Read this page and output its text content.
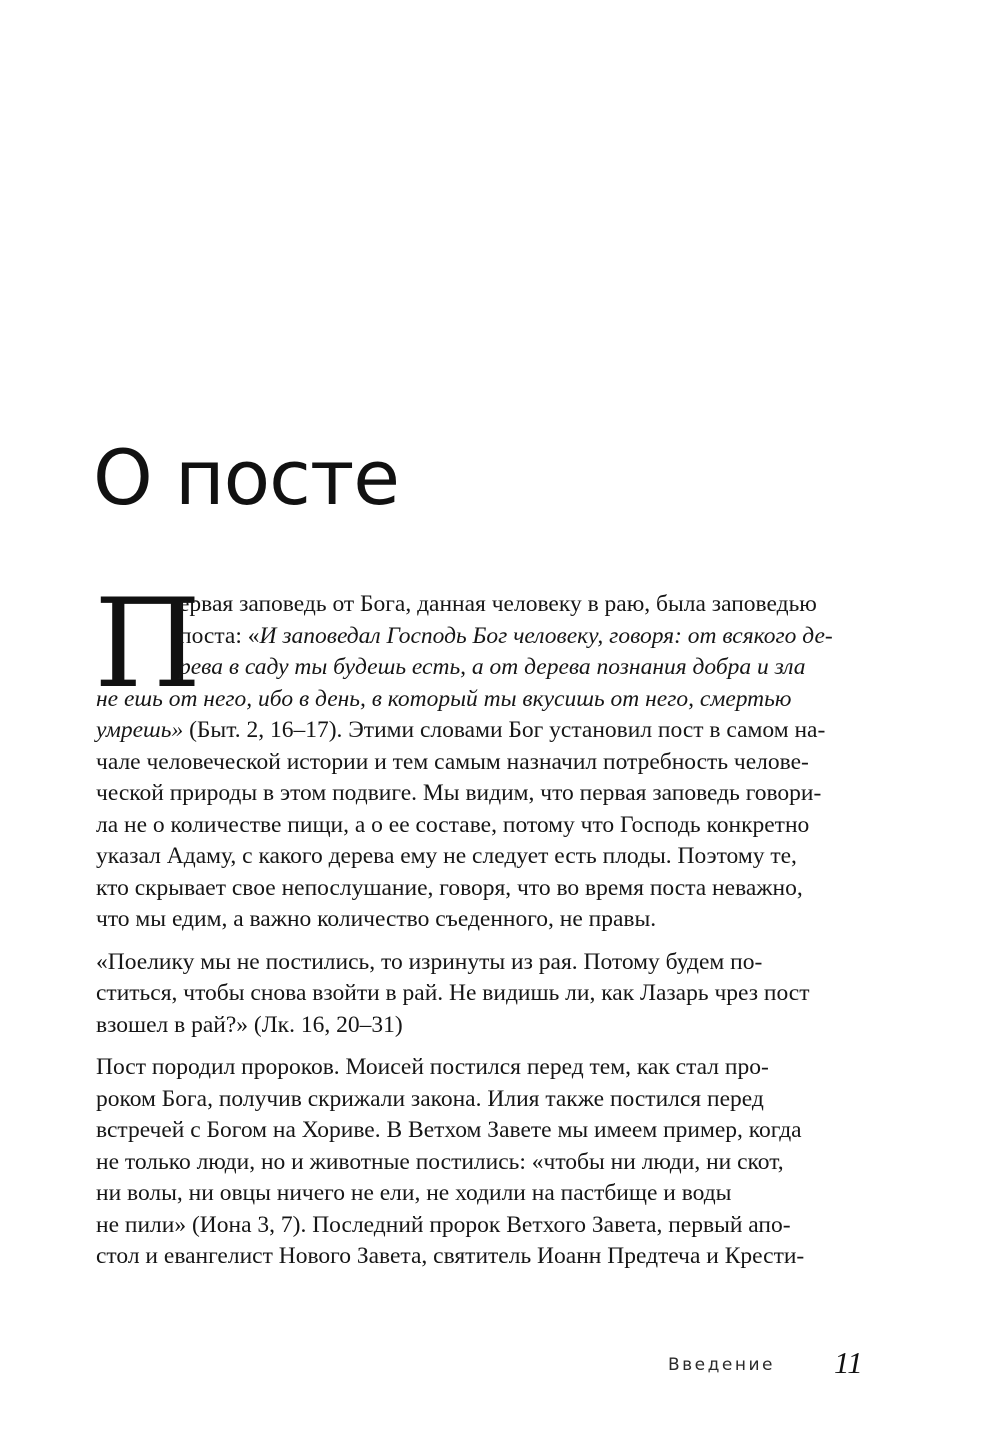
О посте
П
ервая заповедь от Бога, данная человеку в раю, была заповедью
поста: «И заповедал Господь Бог человеку, говоря: от всякого де-
рева в саду ты будешь есть, а от дерева познания добра и зла
не ешь от него, ибо в день, в который ты вкусишь от него, смертью
умрешь» (Быт. 2, 16–17). Этими словами Бог установил пост в самом на-
чале человеческой истории и тем самым назначил потребность челове-
ческой природы в этом подвиге. Мы видим, что первая заповедь говори-
ла не о количестве пищи, а о ее составе, потому что Господь конкретно
указал Адаму, с какого дерева ему не следует есть плоды. Поэтому те,
кто скрывает свое непослушание, говоря, что во время поста неважно,
что мы едим, а важно количество съеденного, не правы.
«Поелику мы не постились, то изринуты из рая. Потому будем по-
ститься, чтобы снова взойти в рай. Не видишь ли, как Лазарь чрез пост
взошел в рай?» (Лк. 16, 20–31)
Пост породил пророков. Моисей постился перед тем, как стал про-
роком Бога, получив скрижали закона. Илия также постился перед
встречей с Богом на Хориве. В Ветхом Завете мы имеем пример, когда
не только люди, но и животные постились: «чтобы ни люди, ни скот,
ни волы, ни овцы ничего не ели, не ходили на пастбище и воды
не пили» (Иона 3, 7). Последний пророк Ветхого Завета, первый апо-
стол и евангелист Нового Завета, святитель Иоанн Предтеча и Крести-
Введение 11
